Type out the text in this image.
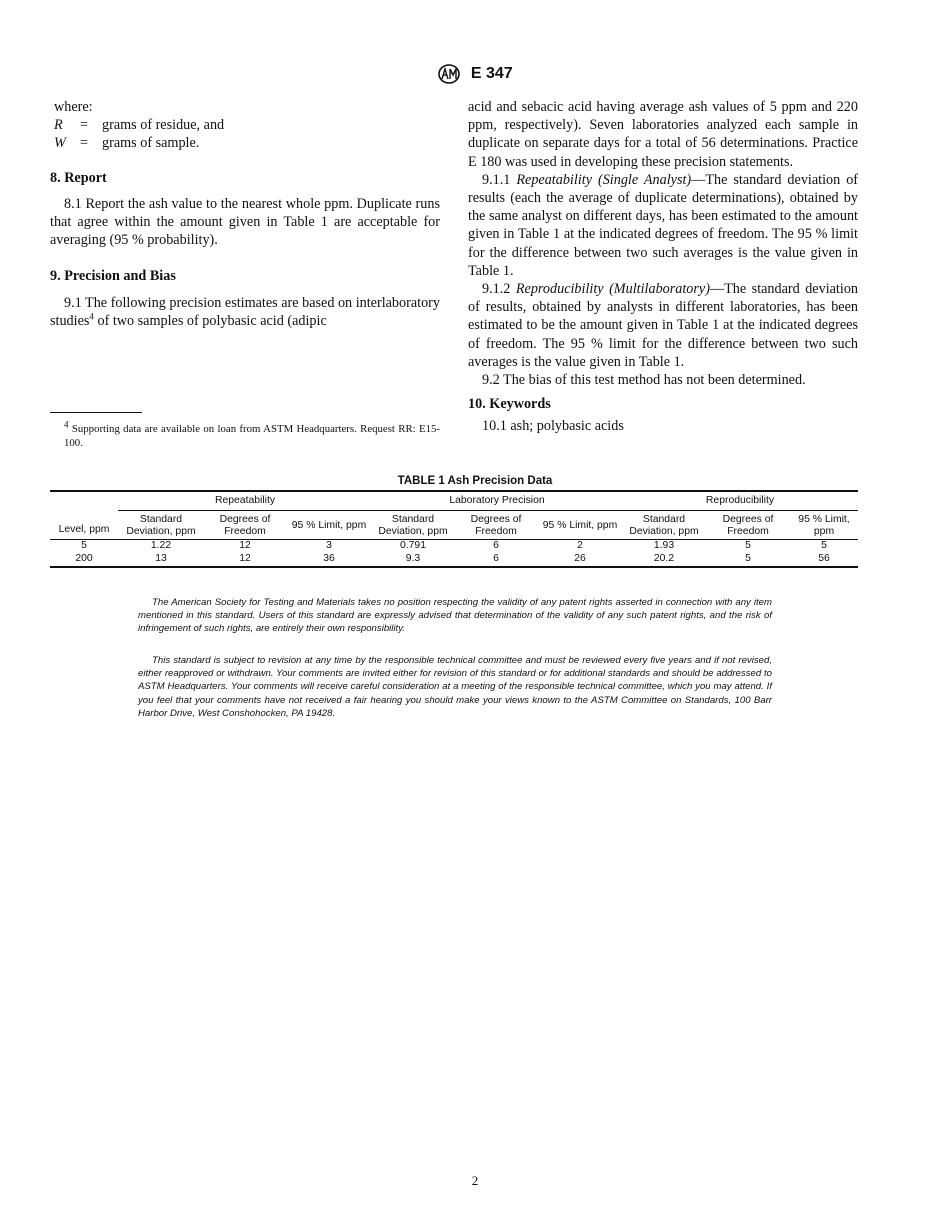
E 347

where:

R	= grams of residue, and
W = grams of sample.
8. Report

8.1 Report the ash value to the nearest whole ppm. Duplicate runs that agree within the amount given in Table 1 are acceptable for averaging (95 % probability).

9. Precision and Bias

9.1 The following precision estimates are based on interlaboratory studies$^4$ of two samples of polybasic acid (adipic

$^4$ Supporting data are available on loan from ASTM Headquarters. Request RR: E15-100.

acid and sebacic acid having average ash values of 5 ppm and 220 ppm, respectively). Seven laboratories analyzed each sample in duplicate on separate days for a total of 56 determinations. Practice E 180 was used in developing these precision statements.

9.1.1 Repeatability (Single Analyst)—The standard deviation of results (each the average of duplicate determinations), obtained by the same analyst on different days, has been estimated to the amount given in Table 1 at the indicated degrees of freedom. The 95 % limit for the difference between two such averages is the value given in Table 1.

9.1.2 Reproducibility (Multilaboratory)—The standard deviation of results, obtained by analysts in different laboratories, has been estimated to be the amount given in Table 1 at the indicated degrees of freedom. The 95 % limit for the difference between two such averages is the value given in Table 1.

9.2 The bias of this test method has not been determined.

10. Keywords

10.1 ash; polybasic acids

TABLE 1 Ash Precision Data
Level, ppm	Repeatability			Laboratory Precision			Reproducibility		
	Standard Deviation, ppm	Degrees of Freedom	95 % Limit, ppm	Standard Deviation, ppm	Degrees of Freedom	95 % Limit, ppm	Standard Deviation, ppm	Degrees of Freedom	95 % Limit, ppm
5	1.22	12	3	0.791	6	2	1.93	5	5
200	13	12	36	9.3	6	26	20.2	5	56

The American Society for Testing and Materials takes no position respecting the validity of any patent rights asserted in connection with any item mentioned in this standard. Users of this standard are expressly advised that determination of the validity of any such patent rights, and the risk of infringement of such rights, are entirely their own responsibility.

This standard is subject to revision at any time by the responsible technical committee and must be reviewed every five years and if not revised, either reapproved or withdrawn. Your comments are invited either for revision of this standard or for additional standards and should be addressed to ASTM Headquarters. Your comments will receive careful consideration at a meeting of the responsible technical committee, which you may attend. If you feel that your comments have not received a fair hearing you should make your views known to the ASTM Committee on Standards, 100 Barr Harbor Drive, West Conshohocken, PA 19428.

2
